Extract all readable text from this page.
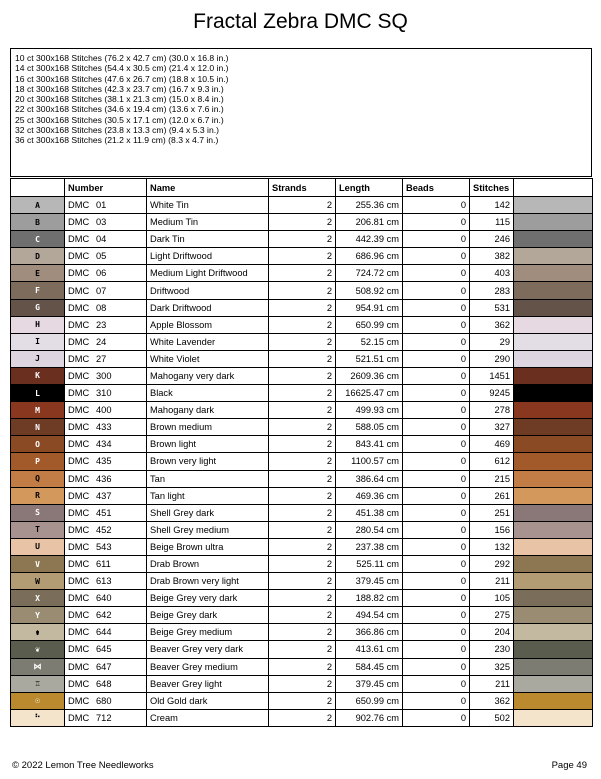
Fractal Zebra DMC SQ
10 ct 300x168 Stitches (76.2 x 42.7 cm) (30.0 x 16.8 in.)
14 ct 300x168 Stitches (54.4 x 30.5 cm) (21.4 x 12.0 in.)
16 ct 300x168 Stitches (47.6 x 26.7 cm) (18.8 x 10.5 in.)
18 ct 300x168 Stitches (42.3 x 23.7 cm) (16.7 x 9.3 in.)
20 ct 300x168 Stitches (38.1 x 21.3 cm) (15.0 x 8.4 in.)
22 ct 300x168 Stitches (34.6 x 19.4 cm) (13.6 x 7.6 in.)
25 ct 300x168 Stitches (30.5 x 17.1 cm) (12.0 x 6.7 in.)
32 ct 300x168 Stitches (23.8 x 13.3 cm) (9.4 x 5.3 in.)
36 ct 300x168 Stitches (21.2 x 11.9 cm) (8.3 x 4.7 in.)
	Number	Name	Strands	Length	Beads	Stitches	
A	DMC 01	White Tin	2	255.36 cm	0	142	
B	DMC 03	Medium Tin	2	206.81 cm	0	115	
C	DMC 04	Dark Tin	2	442.39 cm	0	246	
D	DMC 05	Light Driftwood	2	686.96 cm	0	382	
E	DMC 06	Medium Light Driftwood	2	724.72 cm	0	403	
F	DMC 07	Driftwood	2	508.92 cm	0	283	
G	DMC 08	Dark Driftwood	2	954.91 cm	0	531	
H	DMC 23	Apple Blossom	2	650.99 cm	0	362	
I	DMC 24	White Lavender	2	52.15 cm	0	29	
J	DMC 27	White Violet	2	521.51 cm	0	290	
K	DMC 300	Mahogany very dark	2	2609.36 cm	0	1451	
L	DMC 310	Black	2	16625.47 cm	0	9245	
M	DMC 400	Mahogany dark	2	499.93 cm	0	278	
N	DMC 433	Brown medium	2	588.05 cm	0	327	
O	DMC 434	Brown light	2	843.41 cm	0	469	
P	DMC 435	Brown very light	2	1100.57 cm	0	612	
Q	DMC 436	Tan	2	386.64 cm	0	215	
R	DMC 437	Tan light	2	469.36 cm	0	261	
S	DMC 451	Shell Grey dark	2	451.38 cm	0	251	
T	DMC 452	Shell Grey medium	2	280.54 cm	0	156	
U	DMC 543	Beige Brown ultra	2	237.38 cm	0	132	
V	DMC 611	Drab Brown	2	525.11 cm	0	292	
W	DMC 613	Drab Brown very light	2	379.45 cm	0	211	
X	DMC 640	Beige Grey very dark	2	188.82 cm	0	105	
Y	DMC 642	Beige Grey dark	2	494.54 cm	0	275	
⚱	DMC 644	Beige Grey medium	2	366.86 cm	0	204	
❦	DMC 645	Beaver Grey very dark	2	413.61 cm	0	230	
⋈	DMC 647	Beaver Grey medium	2	584.45 cm	0	325	
♖	DMC 648	Beaver Grey light	2	379.45 cm	0	211	
☉	DMC 680	Old Gold dark	2	650.99 cm	0	362	
⠓	DMC 712	Cream	2	902.76 cm	0	502	
© 2022 Lemon Tree Needleworks	Page 49
